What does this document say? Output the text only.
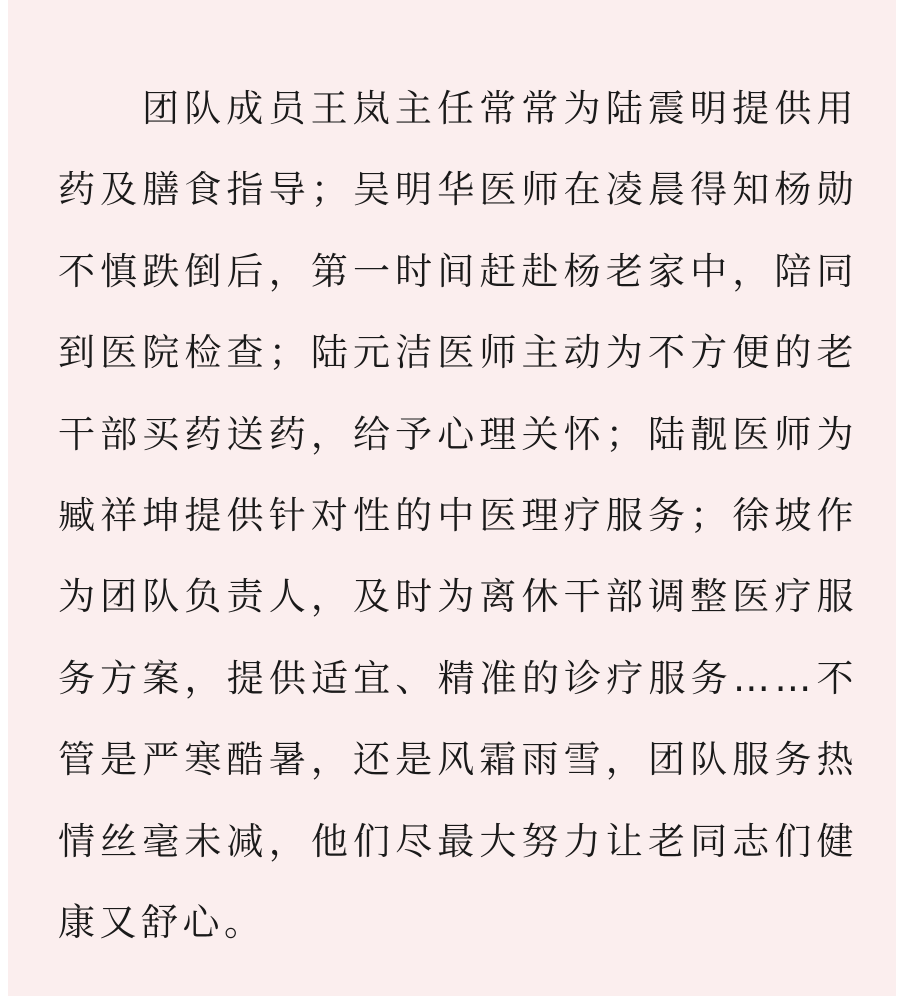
团队成员王岚主任常常为陆震明提供用药及膳食指导；吴明华医师在凌晨得知杨勋不慎跌倒后，第一时间赶赴杨老家中，陪同到医院检查；陆元洁医师主动为不方便的老干部买药送药，给予心理关怀；陆靓医师为臧祥坤提供针对性的中医理疗服务；徐坡作为团队负责人，及时为离休干部调整医疗服务方案，提供适宜、精准的诊疗服务……不管是严寒酷暑，还是风霜雨雪，团队服务热情丝毫未减，他们尽最大努力让老同志们健康又舒心。
